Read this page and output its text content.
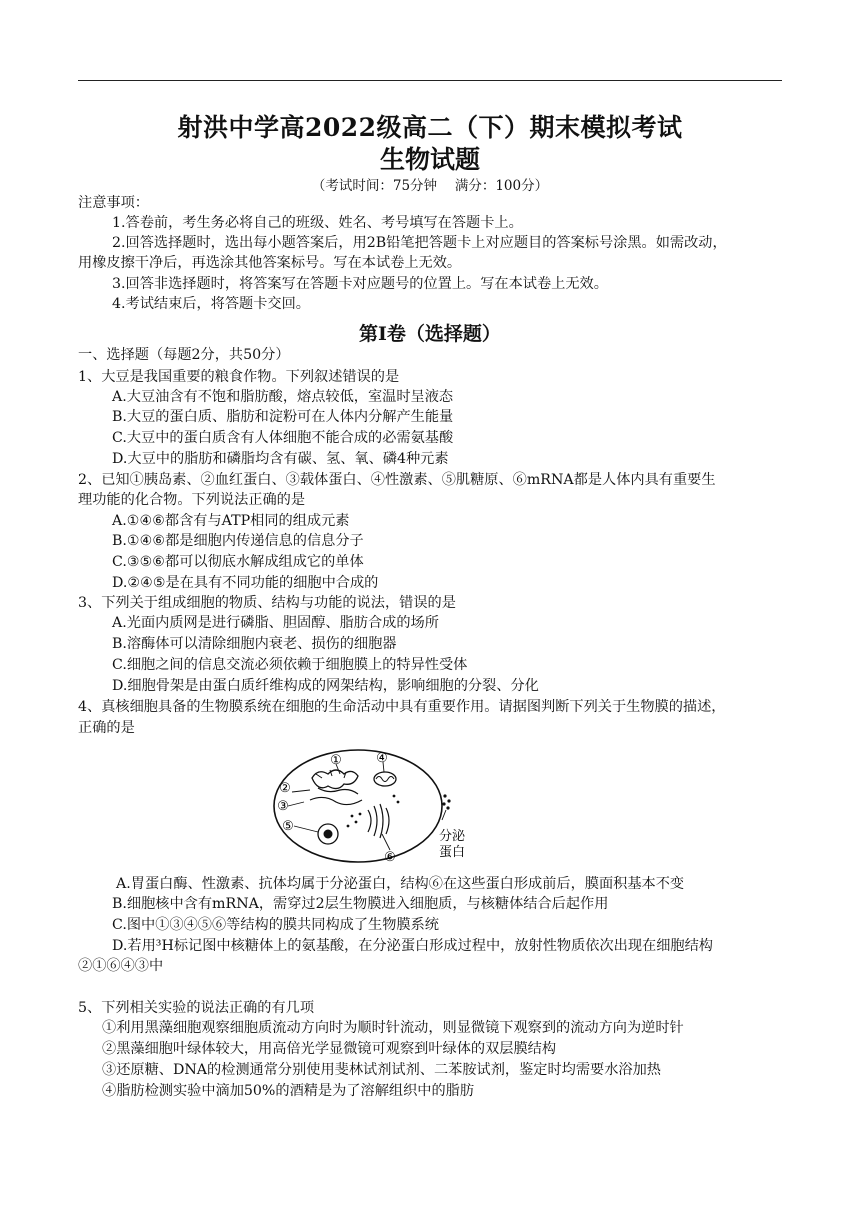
射洪中学高2022级高二（下）期末模拟考试
生物试题
（考试时间：75分钟　 满分：100分）
注意事项：
1.答卷前，考生务必将自己的班级、姓名、考号填写在答题卡上。
2.回答选择题时，选出每小题答案后，用2B铅笔把答题卡上对应题目的答案标号涂黑。如需改动，
用橡皮擦干净后，再选涂其他答案标号。写在本试卷上无效。
3.回答非选择题时，将答案写在答题卡对应题号的位置上。写在本试卷上无效。
4.考试结束后，将答题卡交回。
第I卷（选择题）
一、选择题（每题2分，共50分）
1、大豆是我国重要的粮食作物。下列叙述错误的是
A.大豆油含有不饱和脂肪酸，熔点较低，室温时呈液态
B.大豆的蛋白质、脂肪和淀粉可在人体内分解产生能量
C.大豆中的蛋白质含有人体细胞不能合成的必需氨基酸
D.大豆中的脂肪和磷脂均含有碳、氢、氧、磷4种元素
2、已知①胰岛素、②血红蛋白、③载体蛋白、④性激素、⑤肌糖原、⑥mRNA都是人体内具有重要生
理功能的化合物。下列说法正确的是
A.①④⑥都含有与ATP相同的组成元素
B.①④⑥都是细胞内传递信息的信息分子
C.③⑤⑥都可以彻底水解成组成它的单体
D.②④⑤是在具有不同功能的细胞中合成的
3、下列关于组成细胞的物质、结构与功能的说法，错误的是
A.光面内质网是进行磷脂、胆固醇、脂肪合成的场所
B.溶酶体可以清除细胞内衰老、损伤的细胞器
C.细胞之间的信息交流必须依赖于细胞膜上的特异性受体
D.细胞骨架是由蛋白质纤维构成的网架结构，影响细胞的分裂、分化
4、真核细胞具备的生物膜系统在细胞的生命活动中具有重要作用。请据图判断下列关于生物膜的描述，
正确的是
①
②
③
④
⑤
⑥
分泌
蛋白
A.胃蛋白酶、性激素、抗体均属于分泌蛋白，结构⑥在这些蛋白形成前后，膜面积基本不变
B.细胞核中含有mRNA，需穿过2层生物膜进入细胞质，与核糖体结合后起作用
C.图中①③④⑤⑥等结构的膜共同构成了生物膜系统
D.若用³H标记图中核糖体上的氨基酸，在分泌蛋白形成过程中，放射性物质依次出现在细胞结构
②①⑥④③中
5、下列相关实验的说法正确的有几项
①利用黑藻细胞观察细胞质流动方向时为顺时针流动，则显微镜下观察到的流动方向为逆时针
②黑藻细胞叶绿体较大，用高倍光学显微镜可观察到叶绿体的双层膜结构
③还原糖、DNA的检测通常分别使用斐林试剂试剂、二苯胺试剂，鉴定时均需要水浴加热
④脂肪检测实验中滴加50%的酒精是为了溶解组织中的脂肪
